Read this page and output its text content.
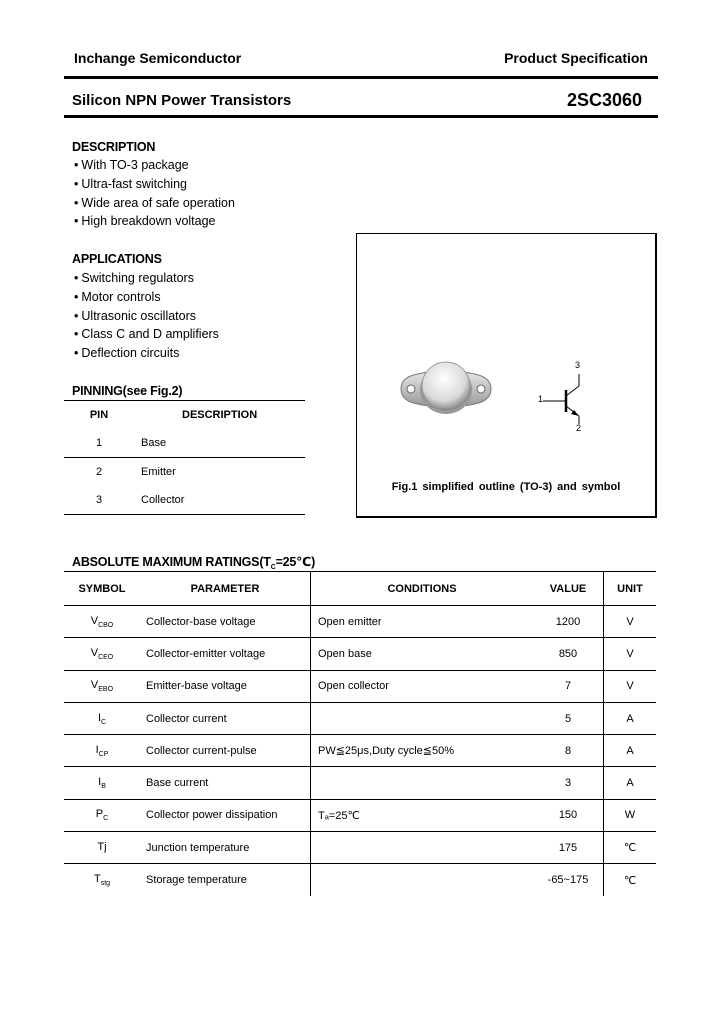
Inchange Semiconductor	Product Specification
Silicon NPN Power Transistors	2SC3060
DESCRIPTION
• With TO-3 package
• Ultra-fast switching
• Wide area of safe operation
• High breakdown voltage
APPLICATIONS
• Switching regulators
• Motor controls
• Ultrasonic oscillators
• Class C and D amplifiers
• Deflection circuits
PINNING(see Fig.2)
PIN	DESCRIPTION
1	Base
2	Emitter
3	Collector
3
1
2
Fig.1 simplified outline (TO-3) and symbol
ABSOLUTE MAXIMUM $RATINGS(T_C=25℃)$
SYMBOL	PARAMETER	CONDITIONS	VALUE	UNIT
$V_{CBO}$	Collector-base voltage	Open emitter	1200	V
$V_{CEO}$	Collector-emitter voltage	Open base	850	V
$V_{EBO}$	Emitter-base voltage	Open collector	7	V
$I_C$	Collector current		5	A
$I_{CP}$	Collector current-pulse	PW≦25μs,Duty cycle≦50%	8	A
$I_B$	Base current		3	A
$P_C$	Collector power dissipation	Tₐ=25℃	150	W
Tj	Junction temperature		175	℃
$T_{stg}$	Storage temperature		-65~175	℃
